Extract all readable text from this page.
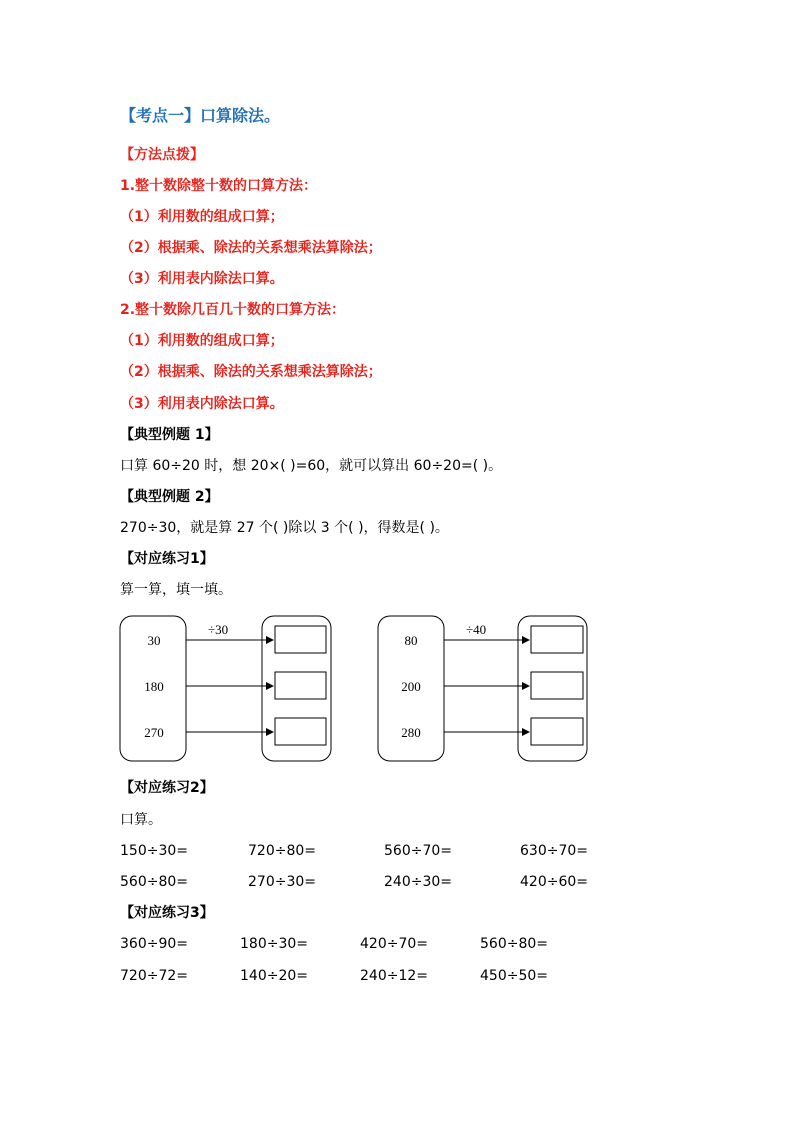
【考点一】口算除法。
【方法点拨】
1.整十数除整十数的口算方法：
（1）利用数的组成口算；
（2）根据乘、除法的关系想乘法算除法；
（3）利用表内除法口算。
2.整十数除几百几十数的口算方法：
（1）利用数的组成口算；
（2）根据乘、除法的关系想乘法算除法；
（3）利用表内除法口算。
【典型例题 1】
口算 60÷20 时，想 20×( )=60，就可以算出 60÷20=( )。
【典型例题 2】
270÷30，就是算 27 个( )除以 3 个( )，得数是( )。
【对应练习1】
算一算，填一填。
÷30
30
180
270
÷40
80
200
280
【对应练习2】
口算。
150÷30=	720÷80=	560÷70=	630÷70=
560÷80=	270÷30=	240÷30=	420÷60=
【对应练习3】
360÷90=	180÷30=	420÷70=	560÷80=
720÷72=	140÷20=	240÷12=	450÷50=
